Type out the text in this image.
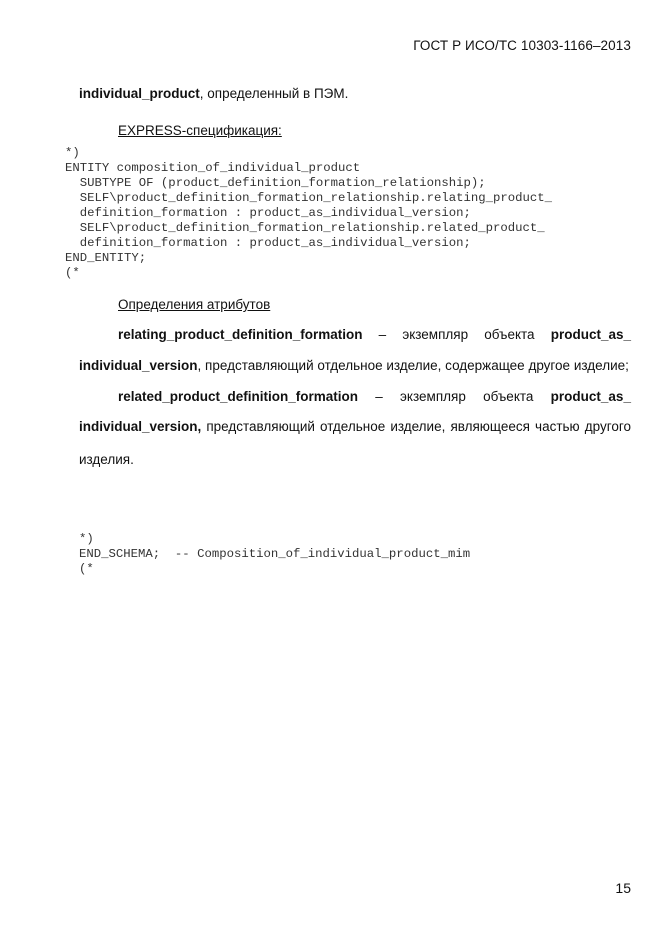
ГОСТ Р ИСО/ТС 10303-1166–2013
individual_product, определенный в ПЭМ.
EXPRESS-спецификация:
*)
ENTITY composition_of_individual_product
SUBTYPE OF (product_definition_formation_relationship);
SELF\product_definition_formation_relationship.relating_product_
definition_formation : product_as_individual_version;
SELF\product_definition_formation_relationship.related_product_
definition_formation : product_as_individual_version;
END_ENTITY;
(*
Определения атрибутов
relating_product_definition_formation – экземпляр объекта product_as_
individual_version, представляющий отдельное изделие, содержащее другое изделие;
related_product_definition_formation – экземпляр объекта product_as_
individual_version, представляющий отдельное изделие, являющееся частью другого
изделия.
*)
END_SCHEMA;  -- Composition_of_individual_product_mim
(*
15
